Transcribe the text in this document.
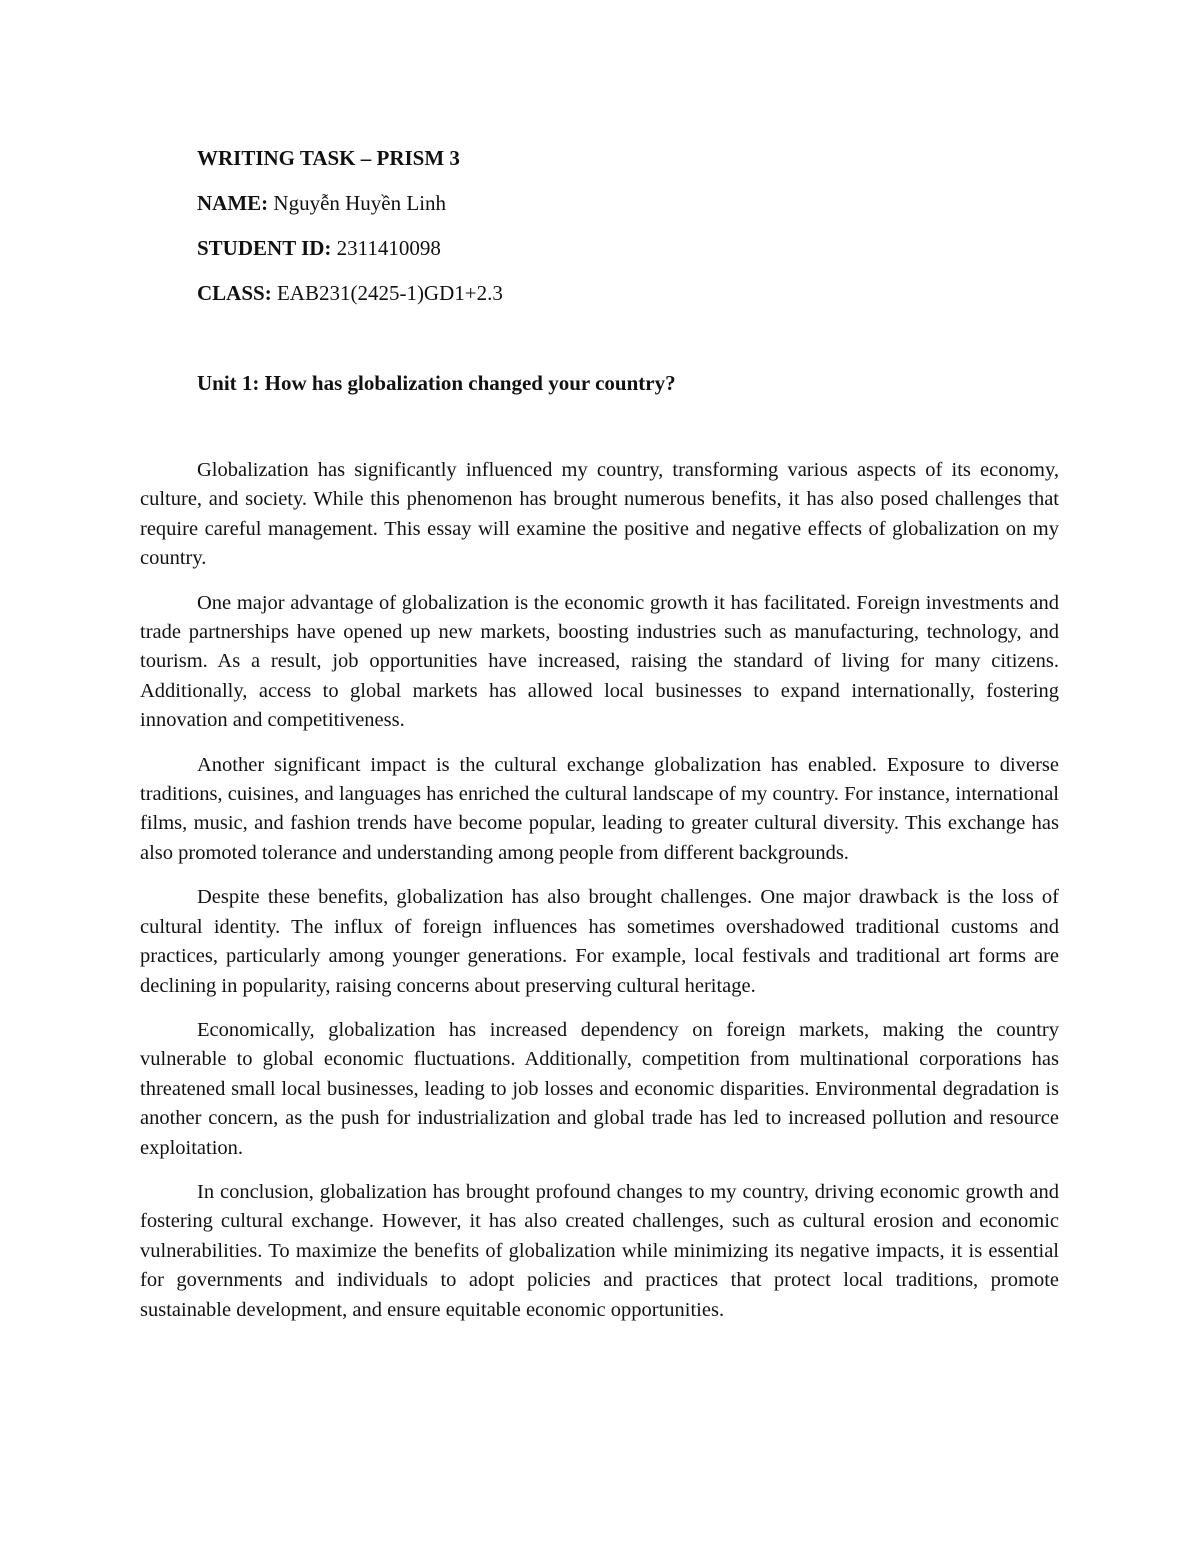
WRITING TASK – PRISM 3
NAME: Nguyễn Huyền Linh
STUDENT ID: 2311410098
CLASS: EAB231(2425-1)GD1+2.3
Unit 1: How has globalization changed your country?

Globalization has significantly influenced my country, transforming various aspects of its economy, culture, and society. While this phenomenon has brought numerous benefits, it has also posed challenges that require careful management. This essay will examine the positive and negative effects of globalization on my country.

One major advantage of globalization is the economic growth it has facilitated. Foreign investments and trade partnerships have opened up new markets, boosting industries such as manufacturing, technology, and tourism. As a result, job opportunities have increased, raising the standard of living for many citizens. Additionally, access to global markets has allowed local businesses to expand internationally, fostering innovation and competitiveness.

Another significant impact is the cultural exchange globalization has enabled. Exposure to diverse traditions, cuisines, and languages has enriched the cultural landscape of my country. For instance, international films, music, and fashion trends have become popular, leading to greater cultural diversity. This exchange has also promoted tolerance and understanding among people from different backgrounds.

Despite these benefits, globalization has also brought challenges. One major drawback is the loss of cultural identity. The influx of foreign influences has sometimes overshadowed traditional customs and practices, particularly among younger generations. For example, local festivals and traditional art forms are declining in popularity, raising concerns about preserving cultural heritage.

Economically, globalization has increased dependency on foreign markets, making the country vulnerable to global economic fluctuations. Additionally, competition from multinational corporations has threatened small local businesses, leading to job losses and economic disparities. Environmental degradation is another concern, as the push for industrialization and global trade has led to increased pollution and resource exploitation.

In conclusion, globalization has brought profound changes to my country, driving economic growth and fostering cultural exchange. However, it has also created challenges, such as cultural erosion and economic vulnerabilities. To maximize the benefits of globalization while minimizing its negative impacts, it is essential for governments and individuals to adopt policies and practices that protect local traditions, promote sustainable development, and ensure equitable economic opportunities.
